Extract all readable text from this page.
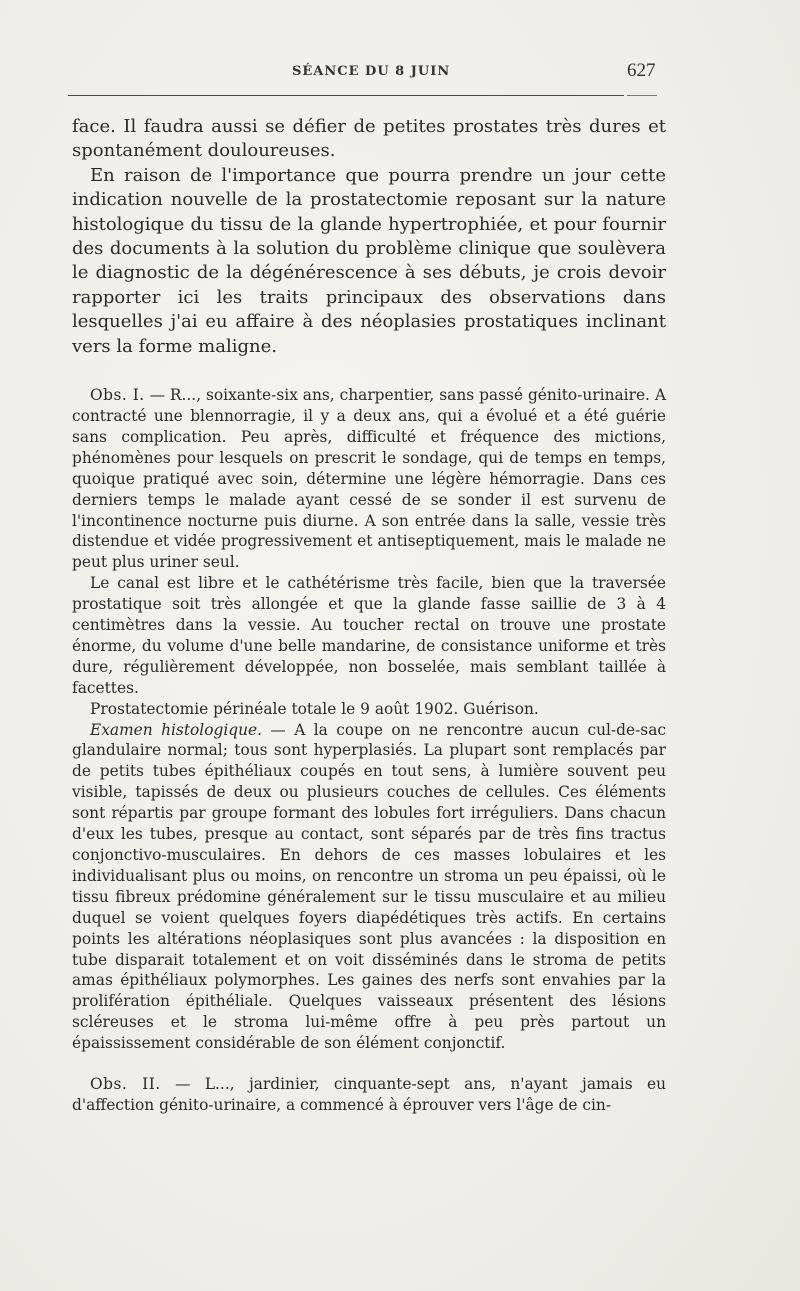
SÉANCE DU 8 JUIN	627

face. Il faudra aussi se défier de petites prostates très dures et spontanément douloureuses.

En raison de l'importance que pourra prendre un jour cette indication nouvelle de la prostatectomie reposant sur la nature histologique du tissu de la glande hypertrophiée, et pour fournir des documents à la solution du problème clinique que soulèvera le diagnostic de la dégénérescence à ses débuts, je crois devoir rapporter ici les traits principaux des observations dans lesquelles j'ai eu affaire à des néoplasies prostatiques inclinant vers la forme maligne.

Obs. I. — R..., soixante-six ans, charpentier, sans passé génito-urinaire. A contracté une blennorragie, il y a deux ans, qui a évolué et a été guérie sans complication. Peu après, difficulté et fréquence des mictions, phénomènes pour lesquels on prescrit le sondage, qui de temps en temps, quoique pratiqué avec soin, détermine une légère hémorragie. Dans ces derniers temps le malade ayant cessé de se sonder il est survenu de l'incontinence nocturne puis diurne. A son entrée dans la salle, vessie très distendue et vidée progressivement et antiseptiquement, mais le malade ne peut plus uriner seul.

Le canal est libre et le cathétérisme très facile, bien que la traversée prostatique soit très allongée et que la glande fasse saillie de 3 à 4 centimètres dans la vessie. Au toucher rectal on trouve une prostate énorme, du volume d'une belle mandarine, de consistance uniforme et très dure, régulièrement développée, non bosselée, mais semblant taillée à facettes.

Prostatectomie périnéale totale le 9 août 1902. Guérison.

Examen histologique. — A la coupe on ne rencontre aucun cul-de-sac glandulaire normal; tous sont hyperplasiés. La plupart sont remplacés par de petits tubes épithéliaux coupés en tout sens, à lumière souvent peu visible, tapissés de deux ou plusieurs couches de cellules. Ces éléments sont répartis par groupe formant des lobules fort irréguliers. Dans chacun d'eux les tubes, presque au contact, sont séparés par de très fins tractus conjonctivo-musculaires. En dehors de ces masses lobulaires et les individualisant plus ou moins, on rencontre un stroma un peu épaissi, où le tissu fibreux prédomine généralement sur le tissu musculaire et au milieu duquel se voient quelques foyers diapédétiques très actifs. En certains points les altérations néoplasiques sont plus avancées : la disposition en tube disparait totalement et on voit disséminés dans le stroma de petits amas épithéliaux polymorphes. Les gaines des nerfs sont envahies par la prolifération épithéliale. Quelques vaisseaux présentent des lésions scléreuses et le stroma lui-même offre à peu près partout un épaississement considérable de son élément conjonctif.

Obs. II. — L..., jardinier, cinquante-sept ans, n'ayant jamais eu d'affection génito-urinaire, a commencé à éprouver vers l'âge de cin-
